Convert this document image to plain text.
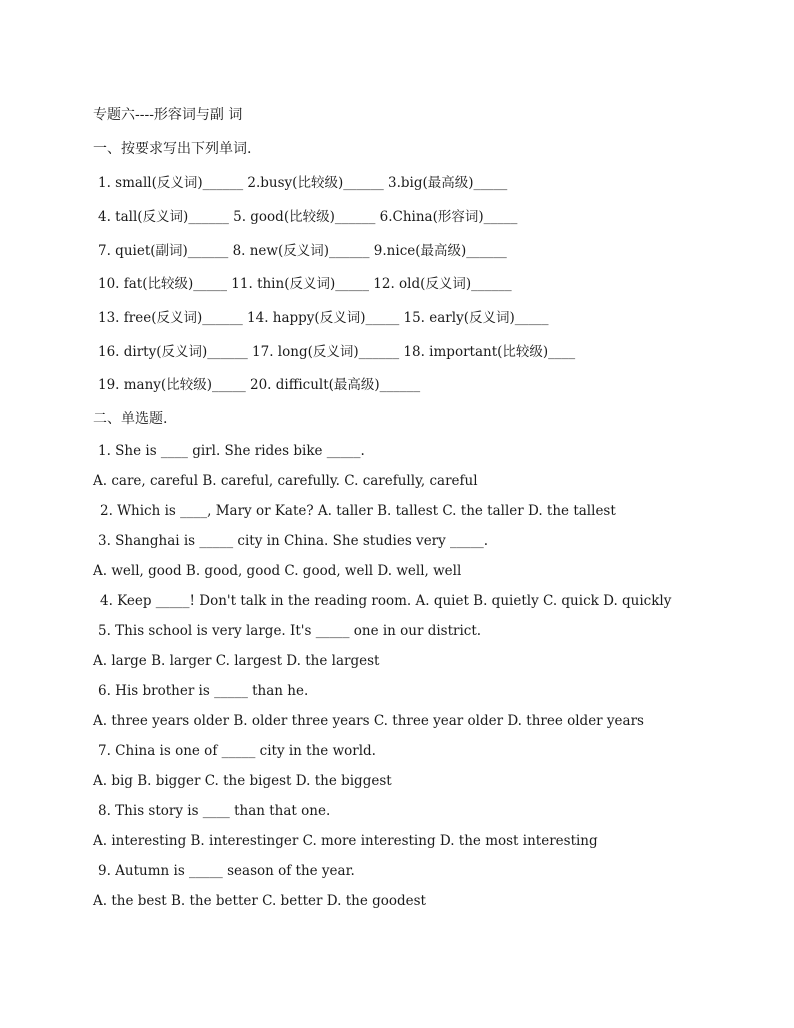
专题六----形容词与副 词
一、按要求写出下列单词.
1. small(反义词)______ 2.busy(比较级)______ 3.big(最高级)_____
4. tall(反义词)______ 5. good(比较级)______ 6.China(形容词)_____
7. quiet(副词)______ 8. new(反义词)______ 9.nice(最高级)______
10. fat(比较级)_____ 11. thin(反义词)_____ 12. old(反义词)______
13. free(反义词)______ 14. happy(反义词)_____ 15. early(反义词)_____
16. dirty(反义词)______ 17. long(反义词)______ 18. important(比较级)____
19. many(比较级)_____ 20. difficult(最高级)______
二、单选题.
1. She is ____ girl. She rides bike _____.
A. care, careful B. careful, carefully. C. carefully, careful
2. Which is ____, Mary or Kate? A. taller B. tallest C. the taller D. the tallest
3. Shanghai is _____ city in China. She studies very _____.
A. well, good B. good, good C. good, well D. well, well
4. Keep _____! Don't talk in the reading room. A. quiet B. quietly C. quick D. quickly
5. This school is very large. It's _____ one in our district.
A. large B. larger C. largest D. the largest
6. His brother is _____ than he.
A. three years older B. older three years C. three year older D. three older years
7. China is one of _____ city in the world.
A. big B. bigger C. the bigest D. the biggest
8. This story is ____ than that one.
A. interesting B. interestinger C. more interesting D. the most interesting
9. Autumn is _____ season of the year.
A. the best B. the better C. better D. the goodest
